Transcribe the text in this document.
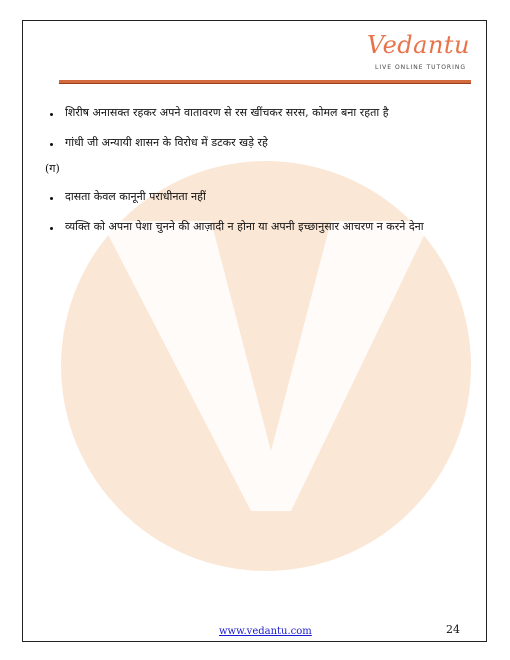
Vedantu
LIVE ONLINE TUTORING
शिरीष अनासक्त रहकर अपने वातावरण से रस खींचकर सरस, कोमल बना रहता है
गांधी जी अन्यायी शासन के विरोध में डटकर खड़े रहे
(ग)
दासता केवल कानूनी पराधीनता नहीं
व्यक्ति को अपना पेशा चुनने की आज़ादी न होना या अपनी इच्छानुसार आचरण न करने देना
www.vedantu.com	24
